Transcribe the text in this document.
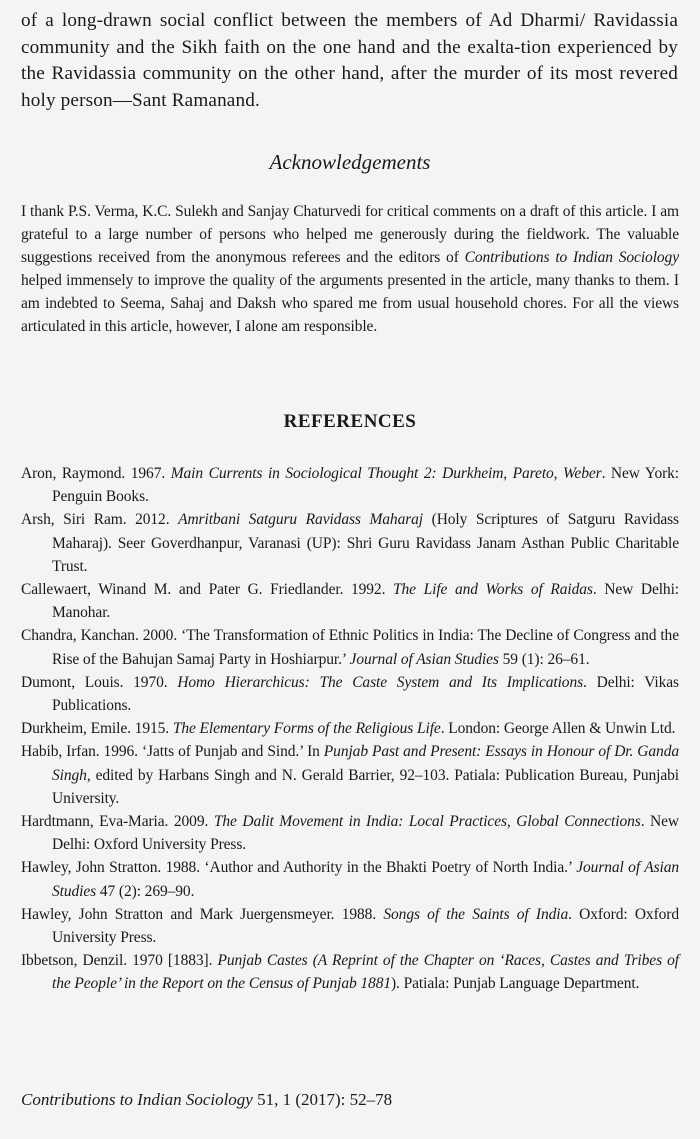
of a long-drawn social conflict between the members of Ad Dharmi/ Ravidassia community and the Sikh faith on the one hand and the exalta-tion experienced by the Ravidassia community on the other hand, after the murder of its most revered holy person—Sant Ramanand.

Acknowledgements

I thank P.S. Verma, K.C. Sulekh and Sanjay Chaturvedi for critical comments on a draft of this article. I am grateful to a large number of persons who helped me generously during the fieldwork. The valuable suggestions received from the anonymous referees and the editors of Contributions to Indian Sociology helped immensely to improve the quality of the arguments presented in the article, many thanks to them. I am indebted to Seema, Sahaj and Daksh who spared me from usual household chores. For all the views articulated in this article, however, I alone am responsible.

REFERENCES

Aron, Raymond. 1967. Main Currents in Sociological Thought 2: Durkheim, Pareto, Weber. New York: Penguin Books.

Arsh, Siri Ram. 2012. Amritbani Satguru Ravidass Maharaj (Holy Scriptures of Satguru Ravidass Maharaj). Seer Goverdhanpur, Varanasi (UP): Shri Guru Ravidass Janam Asthan Public Charitable Trust.

Callewaert, Winand M. and Pater G. Friedlander. 1992. The Life and Works of Raidas. New Delhi: Manohar.

Chandra, Kanchan. 2000. ‘The Transformation of Ethnic Politics in India: The Decline of Congress and the Rise of the Bahujan Samaj Party in Hoshiarpur.’ Journal of Asian Studies 59 (1): 26–61.

Dumont, Louis. 1970. Homo Hierarchicus: The Caste System and Its Implications. Delhi: Vikas Publications.

Durkheim, Emile. 1915. The Elementary Forms of the Religious Life. London: George Allen & Unwin Ltd.

Habib, Irfan. 1996. ‘Jatts of Punjab and Sind.’ In Punjab Past and Present: Essays in Honour of Dr. Ganda Singh, edited by Harbans Singh and N. Gerald Barrier, 92–103. Patiala: Publication Bureau, Punjabi University.

Hardtmann, Eva-Maria. 2009. The Dalit Movement in India: Local Practices, Global Connections. New Delhi: Oxford University Press.

Hawley, John Stratton. 1988. ‘Author and Authority in the Bhakti Poetry of North India.’ Journal of Asian Studies 47 (2): 269–90.

Hawley, John Stratton and Mark Juergensmeyer. 1988. Songs of the Saints of India. Oxford: Oxford University Press.

Ibbetson, Denzil. 1970 [1883]. Punjab Castes (A Reprint of the Chapter on ‘Races, Castes and Tribes of the People’ in the Report on the Census of Punjab 1881). Patiala: Punjab Language Department.

Contributions to Indian Sociology 51, 1 (2017): 52–78
